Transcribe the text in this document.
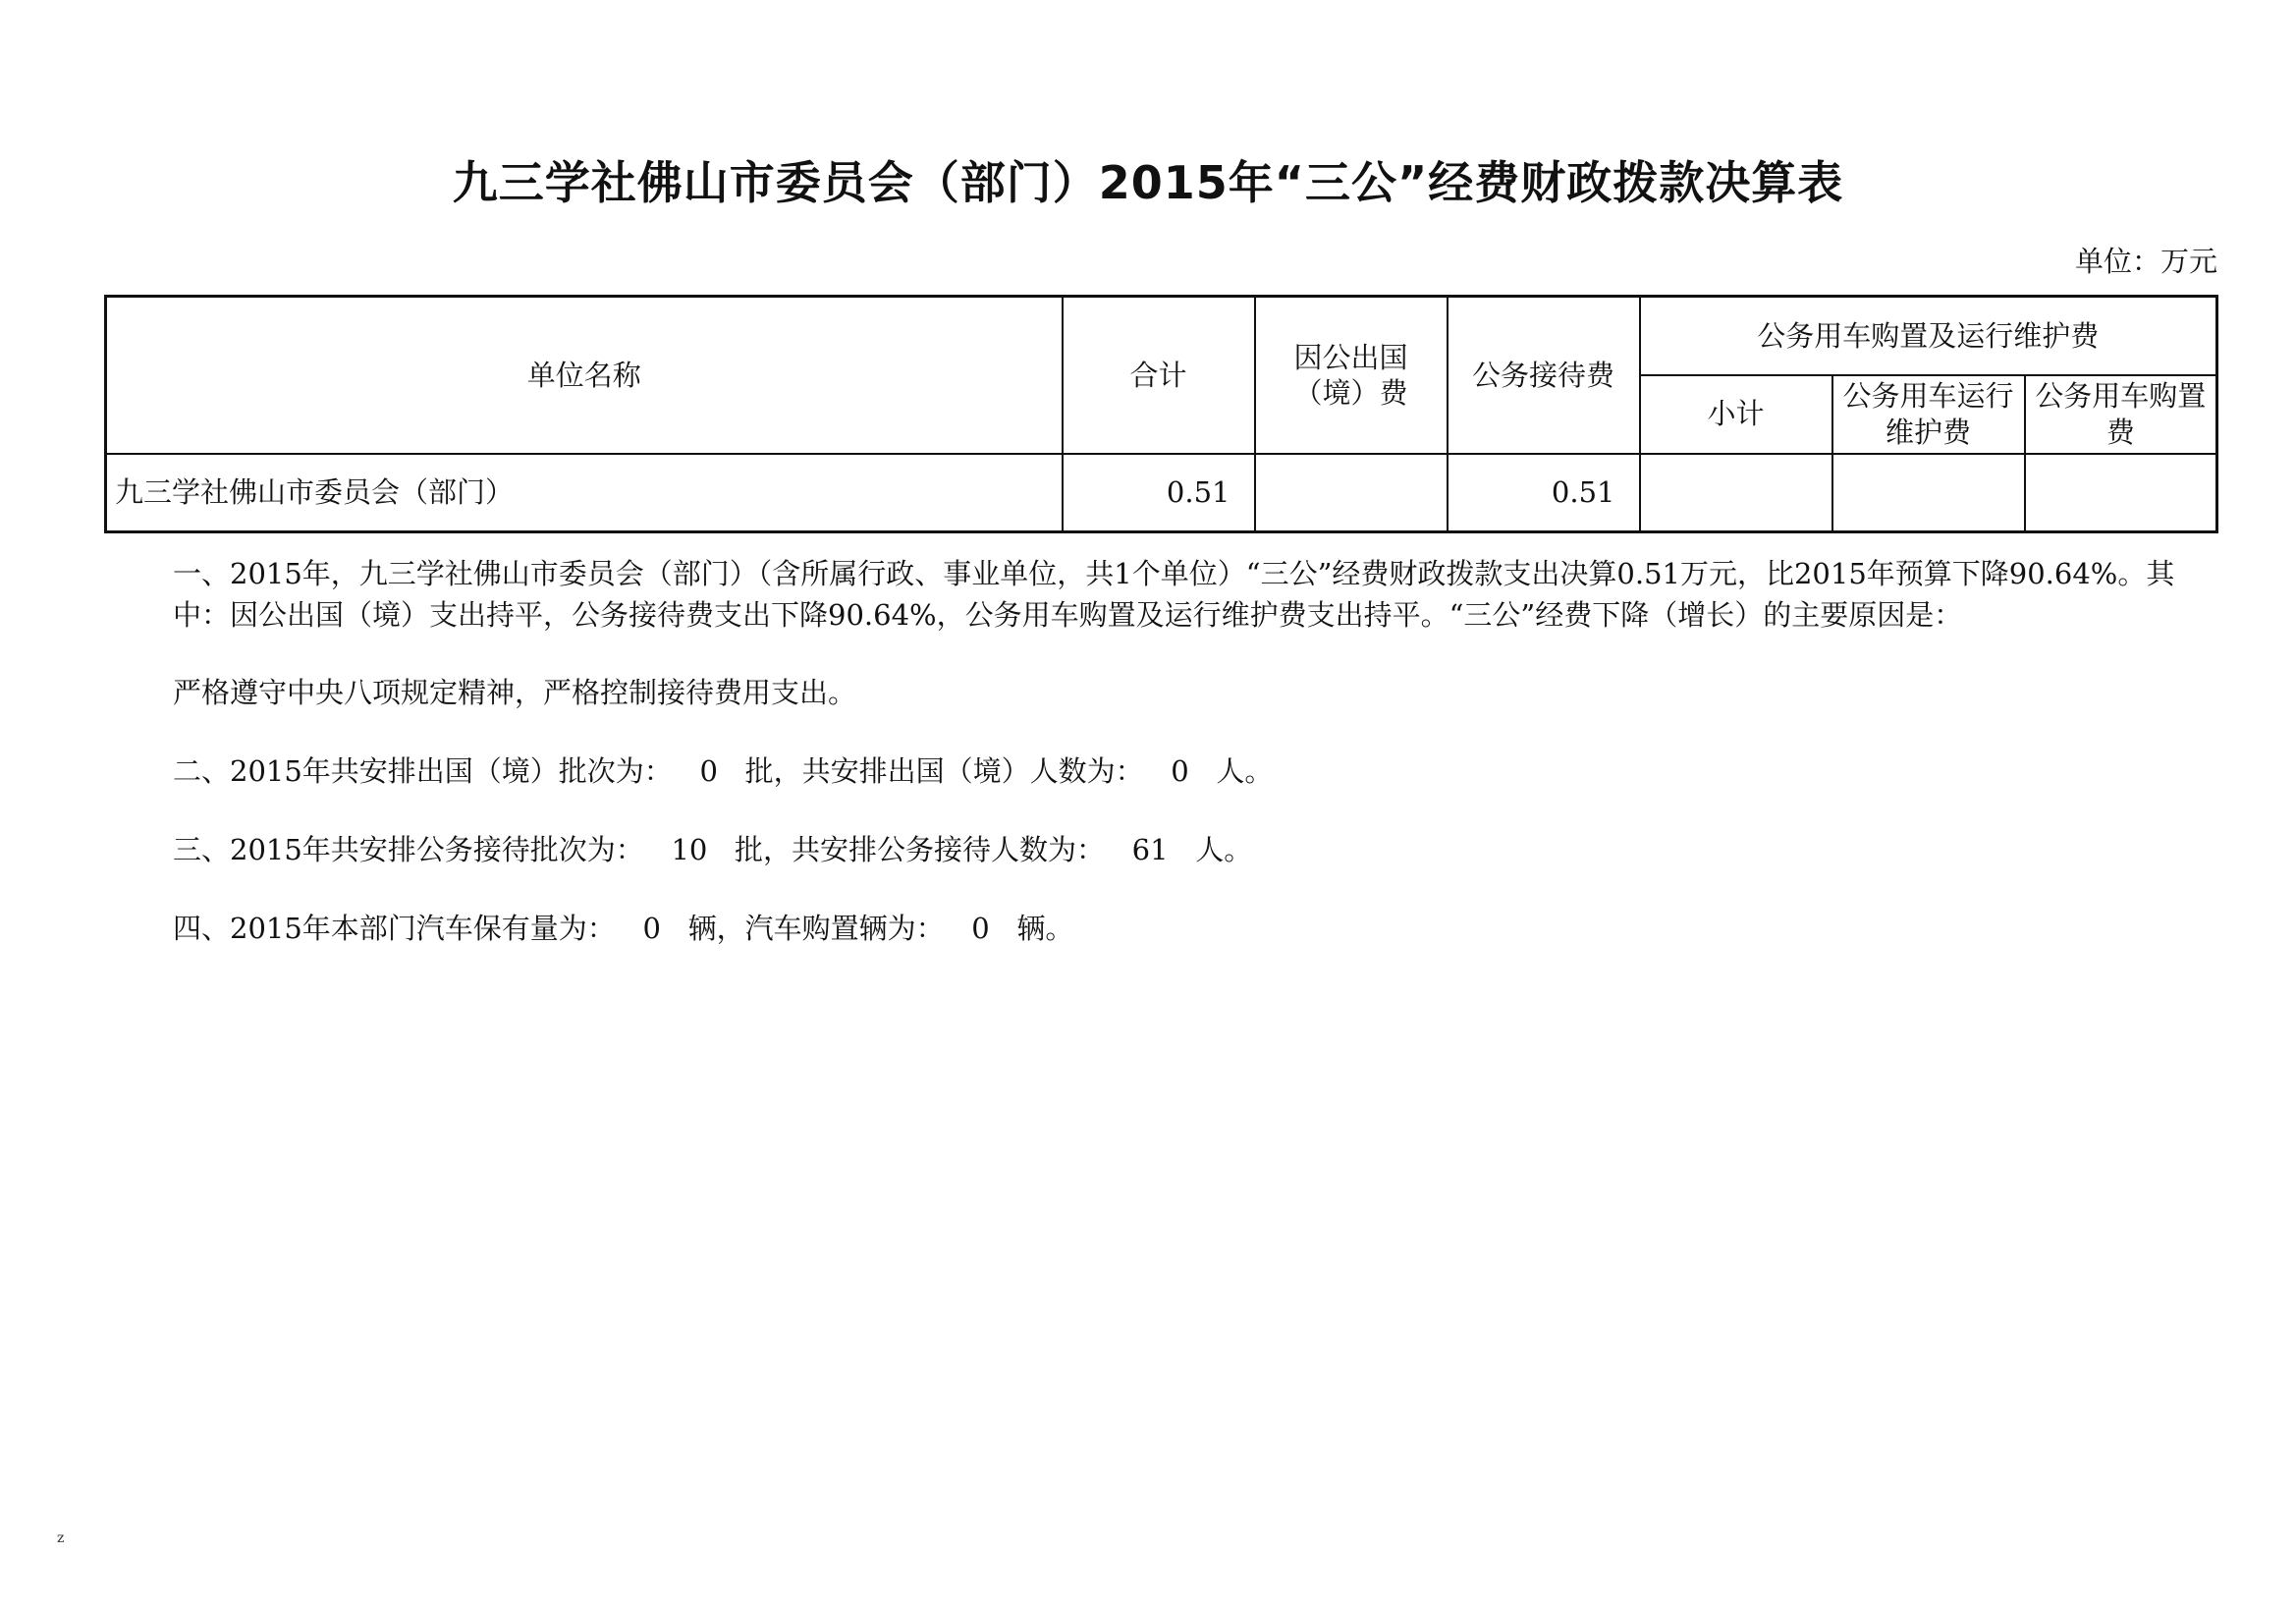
九三学社佛山市委员会（部门）2015年“三公”经费财政拨款决算表
单位：万元
单位名称	合计	因公出国（境）费	公务接待费	公务用车购置及运行维护费		
				小计	公务用车运行维护费	公务用车购置费
九三学社佛山市委员会（部门）	0.51		0.51			
一、2015年，九三学社佛山市委员会（部门）（含所属行政、事业单位，共1个单位）“三公”经费财政拨款支出决算0.51万元，比2015年预算下降90.64%。其中：因公出国（境）支出持平，公务接待费支出下降90.64%，公务用车购置及运行维护费支出持平。“三公”经费下降（增长）的主要原因是：
严格遵守中央八项规定精神，严格控制接待费用支出。
二、2015年共安排出国（境）批次为：   0   批，共安排出国（境）人数为：   0   人。
三、2015年共安排公务接待批次为：   10   批，共安排公务接待人数为：   61   人。
四、2015年本部门汽车保有量为：   0   辆，汽车购置辆为：   0   辆。
z
